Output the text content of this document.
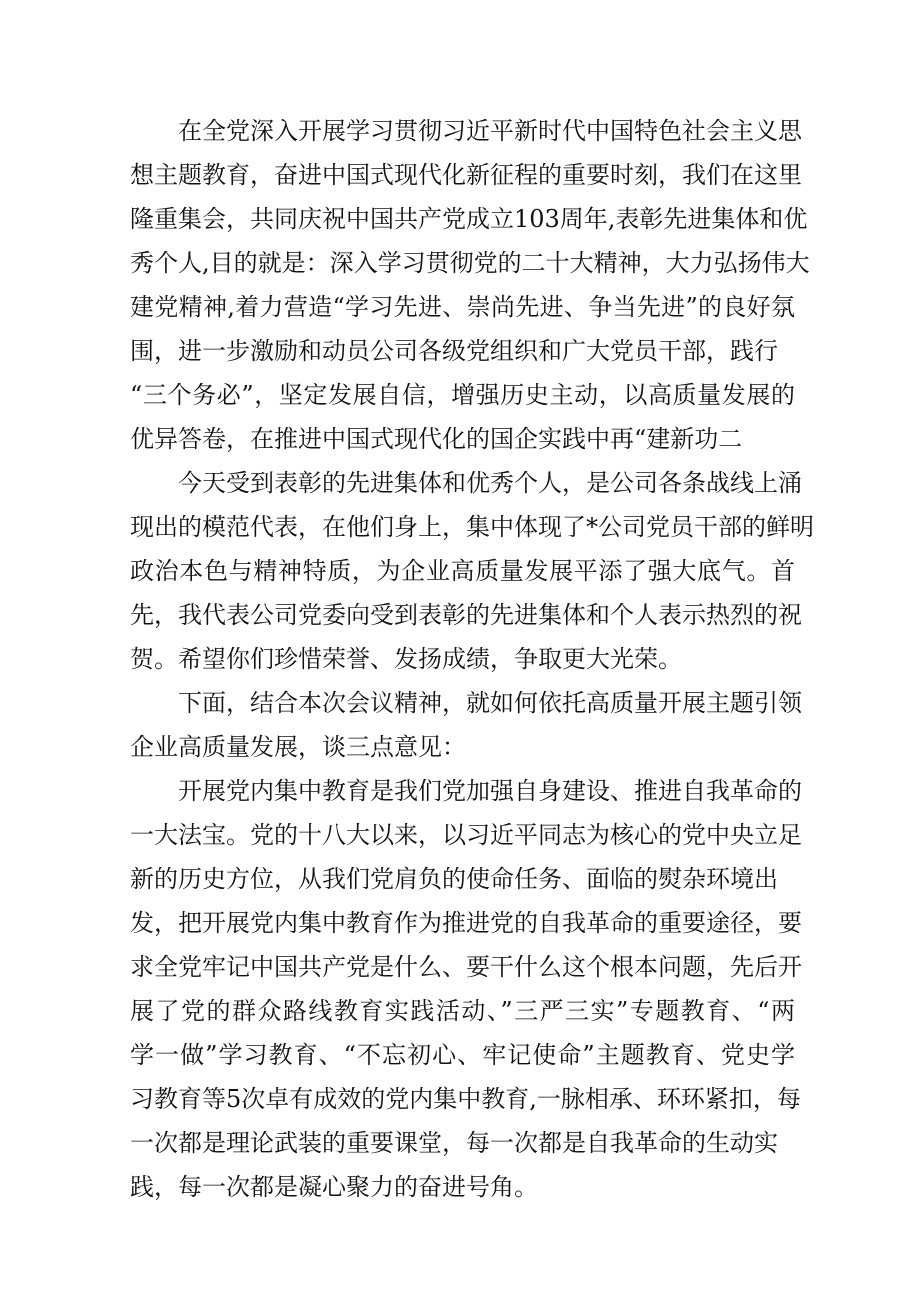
在全党深入开展学习贯彻习近平新时代中国特色社会主义思
想主题教育，奋进中国式现代化新征程的重要时刻，我们在这里
隆重集会，共同庆祝中国共产党成立103周年,表彰先进集体和优
秀个人,目的就是：深入学习贯彻党的二十大精神，大力弘扬伟大
建党精神,着力营造“学习先进、崇尚先进、争当先进”的良好氛
围，进一步激励和动员公司各级党组织和广大党员干部，践行
“三个务必”，坚定发展自信，增强历史主动，以高质量发展的
优异答卷，在推进中国式现代化的国企实践中再“建新功二
今天受到表彰的先进集体和优秀个人，是公司各条战线上涌
现出的模范代表，在他们身上，集中体现了*公司党员干部的鲜明
政治本色与精神特质，为企业高质量发展平添了强大底气。首
先，我代表公司党委向受到表彰的先进集体和个人表示热烈的祝
贺。希望你们珍惜荣誉、发扬成绩，争取更大光荣。
下面，结合本次会议精神，就如何依托高质量开展主题引领
企业高质量发展，谈三点意见：
开展党内集中教育是我们党加强自身建设、推进自我革命的
一大法宝。党的十八大以来，以习近平同志为核心的党中央立足
新的历史方位，从我们党肩负的使命任务、面临的熨杂环境出
发，把开展党内集中教育作为推进党的自我革命的重要途径，要
求全党牢记中国共产党是什么、要干什么这个根本问题，先后开
展了党的群众路线教育实践活动、”三严三实”专题教育、“两
学一做”学习教育、“不忘初心、牢记使命”主题教育、党史学
习教育等5次卓有成效的党内集中教育,一脉相承、环环紧扣，每
一次都是理论武装的重要课堂，每一次都是自我革命的生动实
践，每一次都是凝心聚力的奋进号角。
